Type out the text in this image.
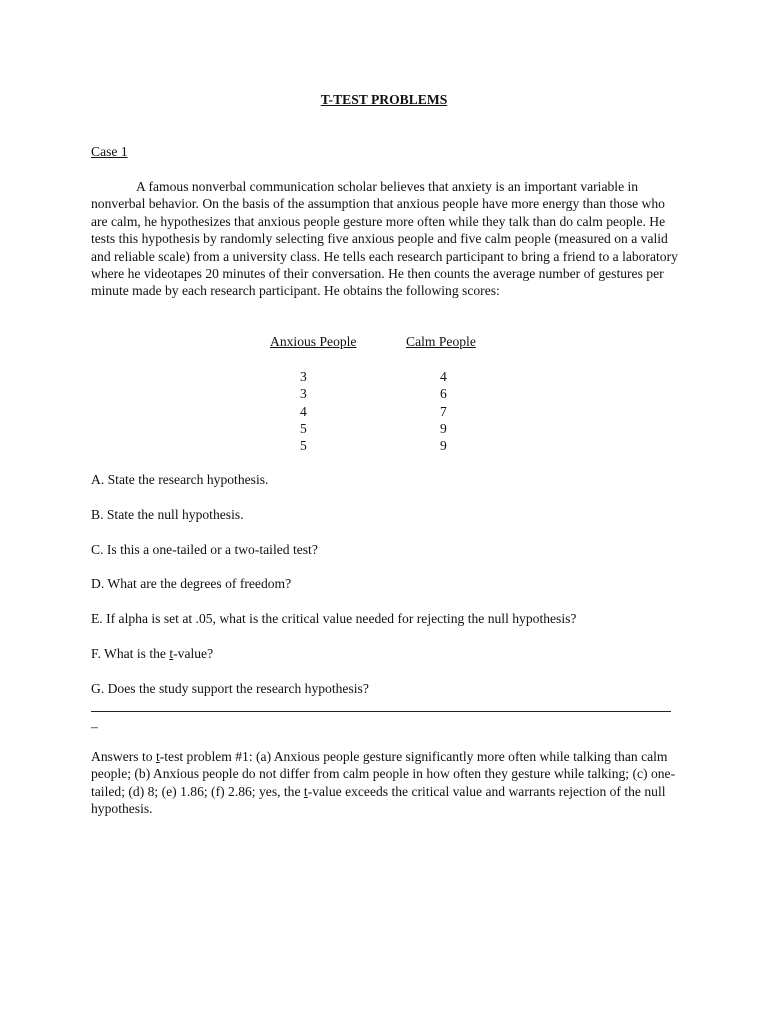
T-TEST PROBLEMS
Case 1

A famous nonverbal communication scholar believes that anxiety is an important variable in nonverbal behavior. On the basis of the assumption that anxious people have more energy than those who are calm, he hypothesizes that anxious people gesture more often while they talk than do calm people. He tests this hypothesis by randomly selecting five anxious people and five calm people (measured on a valid and reliable scale) from a university class. He tells each research participant to bring a friend to a laboratory where he videotapes 20 minutes of their conversation. He then counts the average number of gestures per minute made by each research participant. He obtains the following scores:

Anxious People
3
3
4
5
5
Calm People
4
6
7
9
9
A. State the research hypothesis.
B. State the null hypothesis.
C. Is this a one-tailed or a two-tailed test?
D. What are the degrees of freedom?
E. If alpha is set at .05, what is the critical value needed for rejecting the null hypothesis?
F. What is the t-value?
G. Does the study support the research hypothesis?
–

Answers to t-test problem #1: (a) Anxious people gesture significantly more often while talking than calm people; (b) Anxious people do not differ from calm people in how often they gesture while talking; (c) one-tailed; (d) 8; (e) 1.86; (f) 2.86; yes, the t-value exceeds the critical value and warrants rejection of the null hypothesis.
